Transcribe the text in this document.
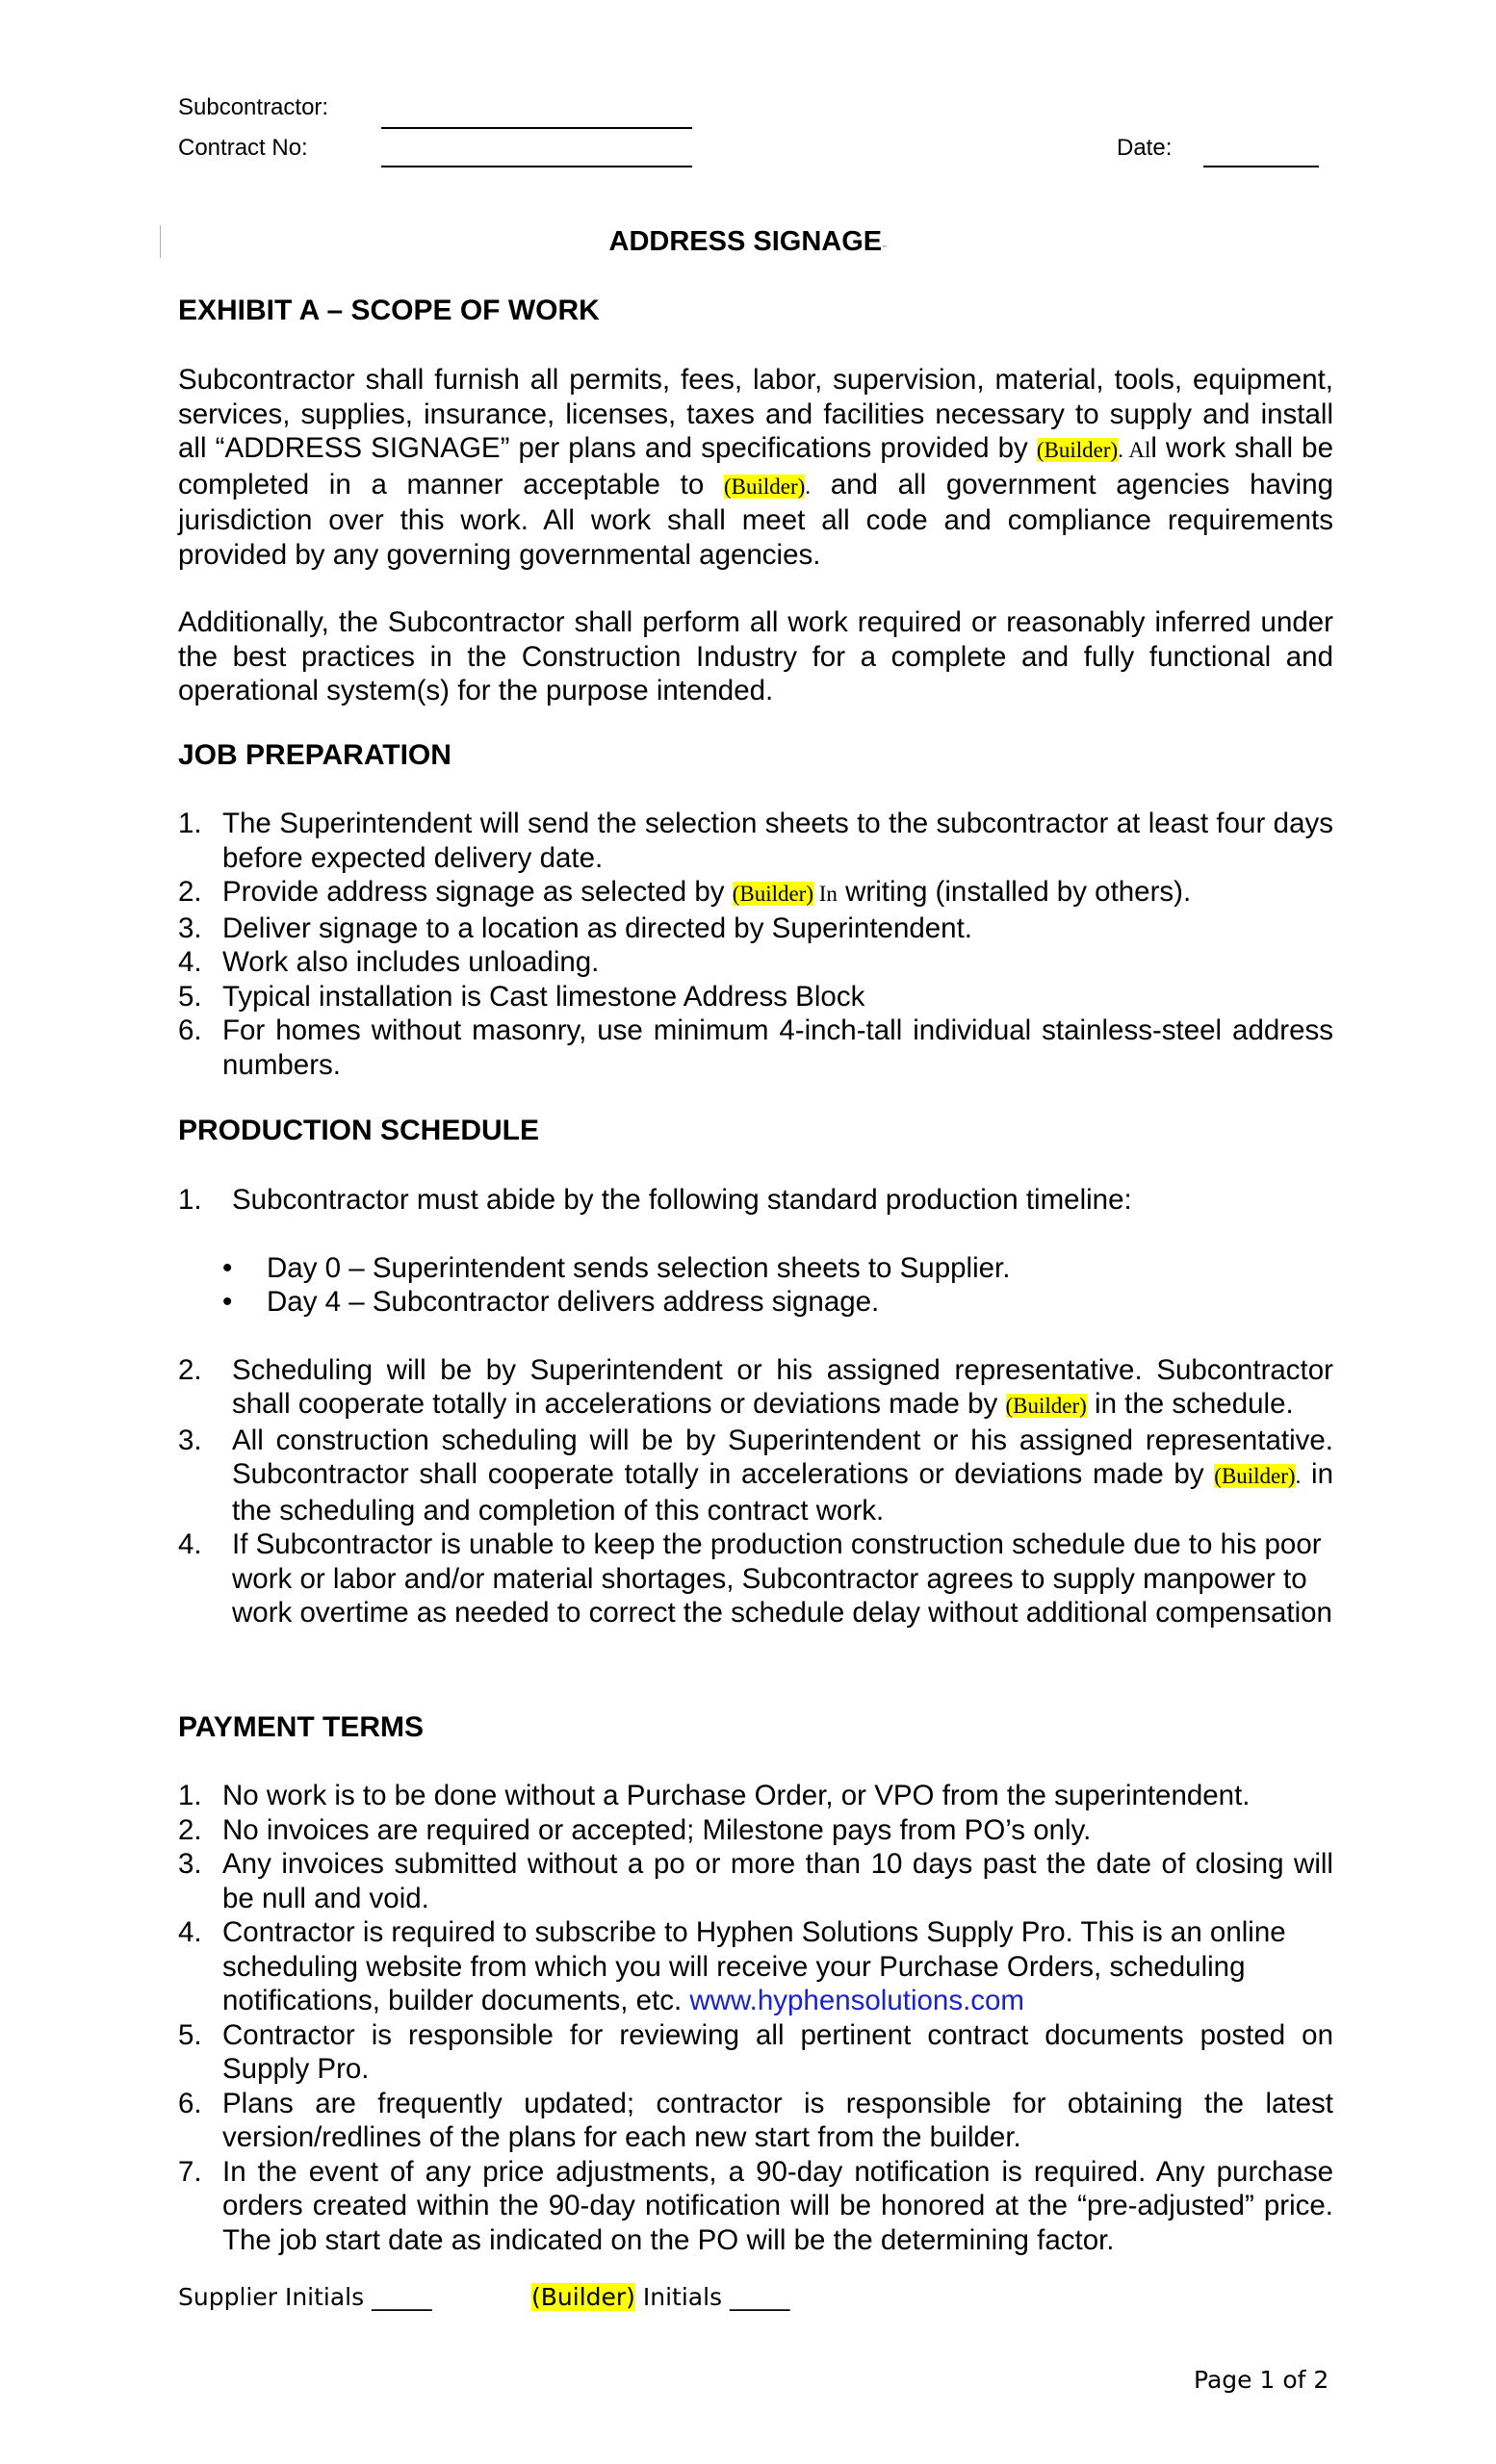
Subcontractor:
Contract No:	Date:
ADDRESS SIGNAGE-
EXHIBIT A – SCOPE OF WORK

Subcontractor shall furnish all permits, fees, labor, supervision, material, tools, equipment, services, supplies, insurance, licenses, taxes and facilities necessary to supply and install all “ADDRESS SIGNAGE” per plans and specifications provided by (Builder). All work shall be completed in a manner acceptable to (Builder). and all government agencies having jurisdiction over this work. All work shall meet all code and compliance requirements provided by any governing governmental agencies.

Additionally, the Subcontractor shall perform all work required or reasonably inferred under the best practices in the Construction Industry for a complete and fully functional and operational system(s) for the purpose intended.

JOB PREPARATION
1. The Superintendent will send the selection sheets to the subcontractor at least four days before expected delivery date.
2. Provide address signage as selected by (Builder) In writing (installed by others).
3. Deliver signage to a location as directed by Superintendent.
4. Work also includes unloading.
5. Typical installation is Cast limestone Address Block
6. For homes without masonry, use minimum 4-inch-tall individual stainless-steel address numbers.
PRODUCTION SCHEDULE
1. Subcontractor must abide by the following standard production timeline:
• Day 0 – Superintendent sends selection sheets to Supplier.
• Day 4 – Subcontractor delivers address signage.
2. Scheduling will be by Superintendent or his assigned representative. Subcontractor shall cooperate totally in accelerations or deviations made by (Builder) in the schedule.
3. All construction scheduling will be by Superintendent or his assigned representative. Subcontractor shall cooperate totally in accelerations or deviations made by (Builder). in the scheduling and completion of this contract work.
4. If Subcontractor is unable to keep the production construction schedule due to his poor work or labor and/or material shortages, Subcontractor agrees to supply manpower to work overtime as needed to correct the schedule delay without additional compensation
PAYMENT TERMS
1. No work is to be done without a Purchase Order, or VPO from the superintendent.
2. No invoices are required or accepted; Milestone pays from PO’s only.
3. Any invoices submitted without a po or more than 10 days past the date of closing will be null and void.
4. Contractor is required to subscribe to Hyphen Solutions Supply Pro. This is an online scheduling website from which you will receive your Purchase Orders, scheduling notifications, builder documents, etc. www.hyphensolutions.com
5. Contractor is responsible for reviewing all pertinent contract documents posted on Supply Pro.
6. Plans are frequently updated; contractor is responsible for obtaining the latest version/redlines of the plans for each new start from the builder.
7. In the event of any price adjustments, a 90-day notification is required. Any purchase orders created within the 90-day notification will be honored at the “pre-adjusted” price. The job start date as indicated on the PO will be the determining factor.
Supplier Initials _____	(Builder) Initials _____
Page 1 of 2
